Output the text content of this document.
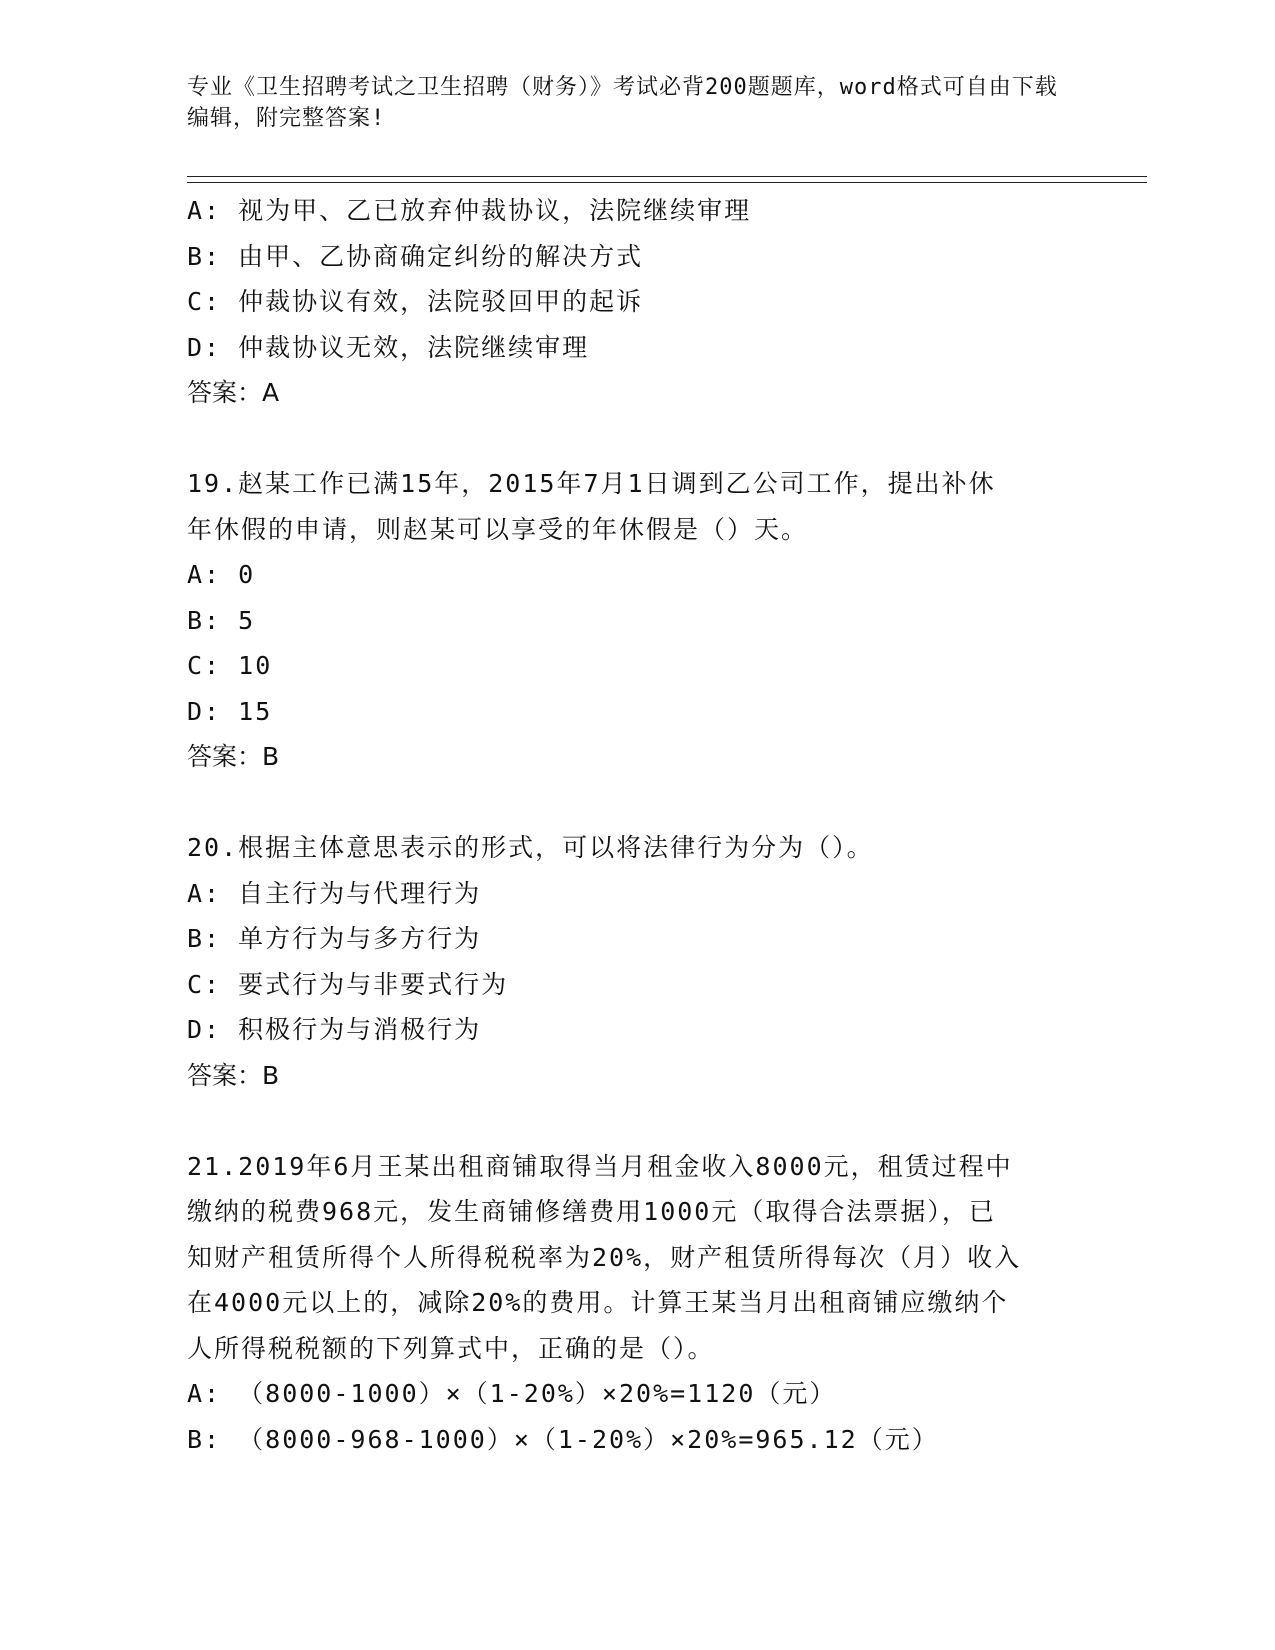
专业《卫生招聘考试之卫生招聘（财务）》考试必背200题题库，word格式可自由下载编辑，附完整答案!
A: 视为甲、乙已放弃仲裁协议，法院继续审理
B: 由甲、乙协商确定纠纷的解决方式
C: 仲裁协议有效，法院驳回甲的起诉
D: 仲裁协议无效，法院继续审理
答案：A
19.赵某工作已满15年，2015年7月1日调到乙公司工作，提出补休
年休假的申请，则赵某可以享受的年休假是（）天。
A: 0
B: 5
C: 10
D: 15
答案：B
20.根据主体意思表示的形式，可以将法律行为分为（）。
A: 自主行为与代理行为
B: 单方行为与多方行为
C: 要式行为与非要式行为
D: 积极行为与消极行为
答案：B
21.2019年6月王某出租商铺取得当月租金收入8000元，租赁过程中
缴纳的税费968元，发生商铺修缮费用1000元（取得合法票据），已
知财产租赁所得个人所得税税率为20%，财产租赁所得每次（月）收入
在4000元以上的，减除20%的费用。计算王某当月出租商铺应缴纳个
人所得税税额的下列算式中，正确的是（）。
A: （8000-1000）×（1-20%）×20%=1120（元）
B: （8000-968-1000）×（1-20%）×20%=965.12（元）
